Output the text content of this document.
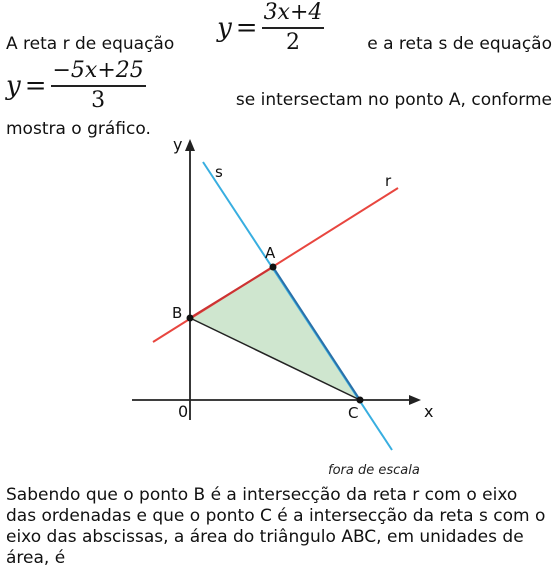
A reta r de equação
$y = \frac{3x+4}{2}$	e a reta s de equação
$y = \frac{-5x+25}{3}$	se intersectam no ponto A, conforme
mostra o gráfico.
y
x
0
s	r
A
B
C
fora de escala
Sabendo que o ponto B é a intersecção da reta r com o eixo das ordenadas e que o ponto C é a intersecção da reta s com o eixo das abscissas, a área do triângulo ABC, em unidades de área, é
